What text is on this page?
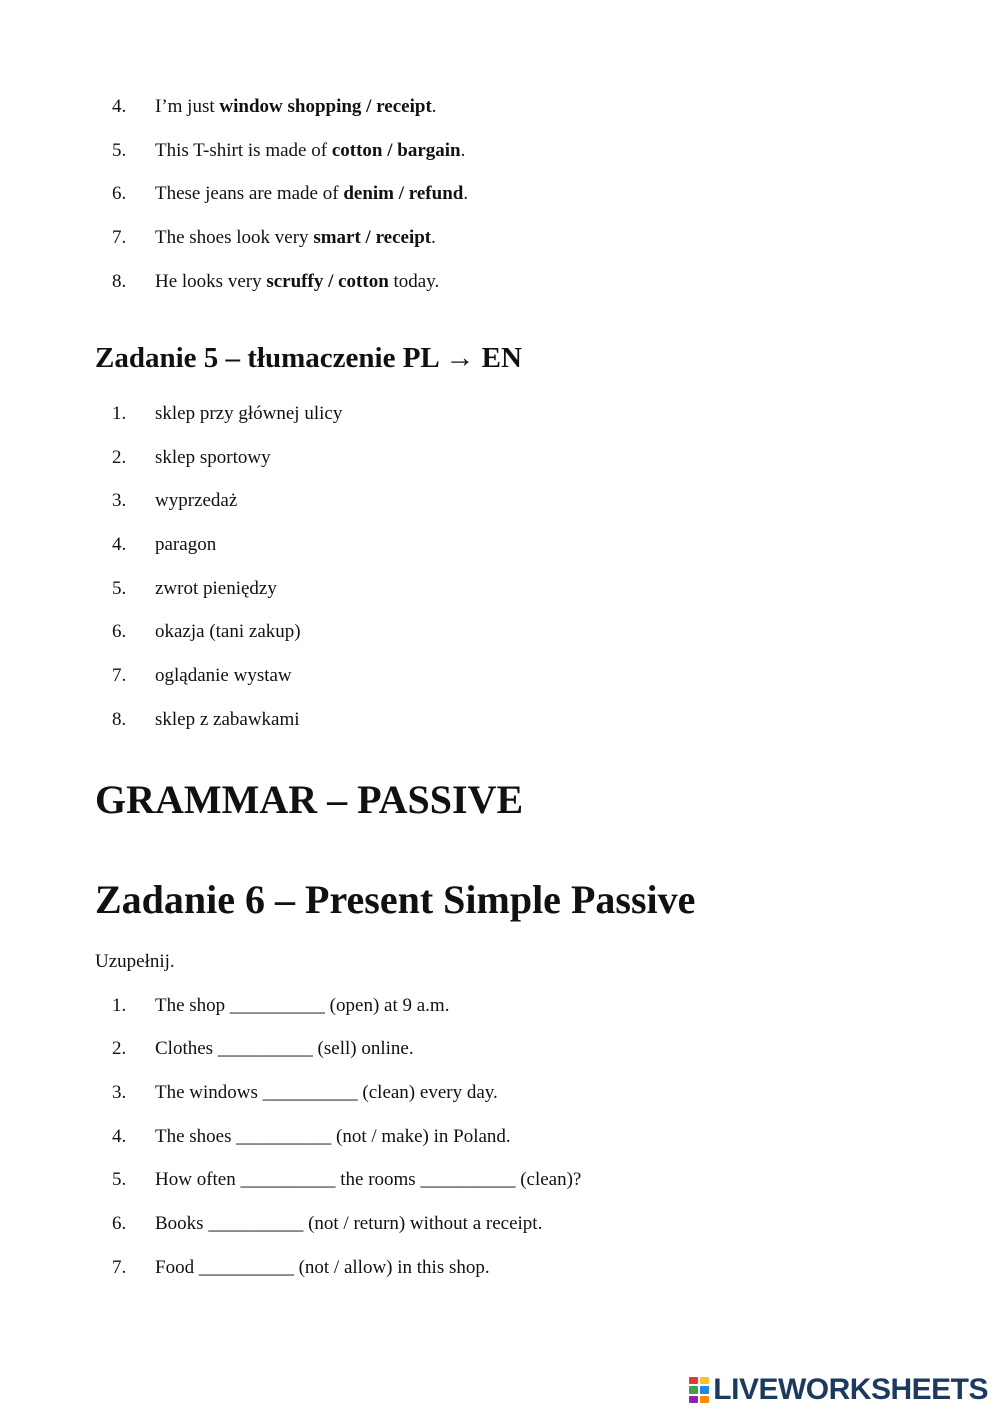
4.	I’m just window shopping / receipt.
5.	This T-shirt is made of cotton / bargain.
6.	These jeans are made of denim / refund.
7.	The shoes look very smart / receipt.
8.	He looks very scruffy / cotton today.
Zadanie 5 – tłumaczenie PL → EN
1.	sklep przy głównej ulicy
2.	sklep sportowy
3.	wyprzedaż
4.	paragon
5.	zwrot pieniędzy
6.	okazja (tani zakup)
7.	oglądanie wystaw
8.	sklep z zabawkami
GRAMMAR – PASSIVE
Zadanie 6 – Present Simple Passive
Uzupełnij.
1.	The shop __________ (open) at 9 a.m.
2.	Clothes __________ (sell) online.
3.	The windows __________ (clean) every day.
4.	The shoes __________ (not / make) in Poland.
5.	How often __________ the rooms __________ (clean)?
6.	Books __________ (not / return) without a receipt.
7.	Food __________ (not / allow) in this shop.
LIVEWORKSHEETS
